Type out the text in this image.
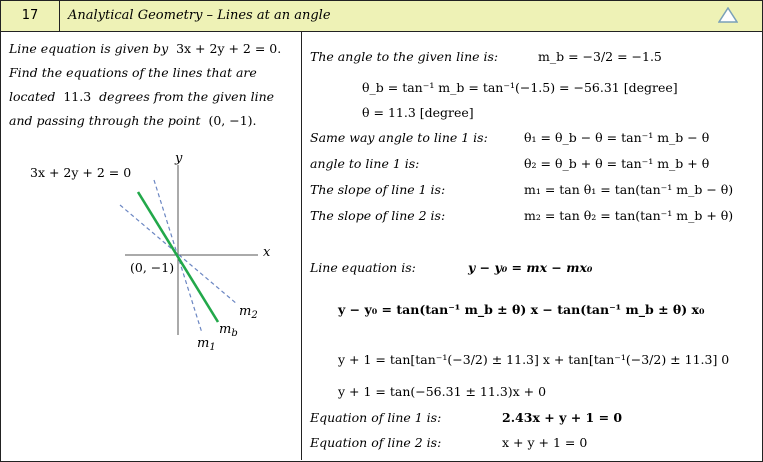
17	Analytical Geometry – Lines at an angle
Line equation is given by 3x + 2y + 2 = 0.
Find the equations of the lines that are
located 11.3 degrees from the given line
and passing through the point (0, −1).
3x + 2y + 2 = 0
y
x
(0, −1)
$m_2$
$m_b$
$m_1$
The angle to the given line is:	m_b = −3/2 = −1.5
θ_b = tan⁻¹ m_b = tan⁻¹(−1.5) = −56.31 [degree]
θ = 11.3 [degree]
Same way angle to line 1 is:	θ₁ = θ_b − θ = tan⁻¹ m_b − θ
angle to line 1 is:	θ₂ = θ_b + θ = tan⁻¹ m_b + θ
The slope of line 1 is:	m₁ = tan θ₁ = tan(tan⁻¹ m_b − θ)
The slope of line 2 is:	m₂ = tan θ₂ = tan(tan⁻¹ m_b + θ)
Line equation is:	y − y₀ = mx − mx₀
y − y₀ = tan(tan⁻¹ m_b ± θ) x − tan(tan⁻¹ m_b ± θ) x₀
y + 1 = tan[tan⁻¹(−3/2) ± 11.3] x + tan[tan⁻¹(−3/2) ± 11.3] 0
y + 1 = tan(−56.31 ± 11.3)x + 0
Equation of line 1 is:	2.43x + y + 1 = 0
Equation of line 2 is:	x + y + 1 = 0
